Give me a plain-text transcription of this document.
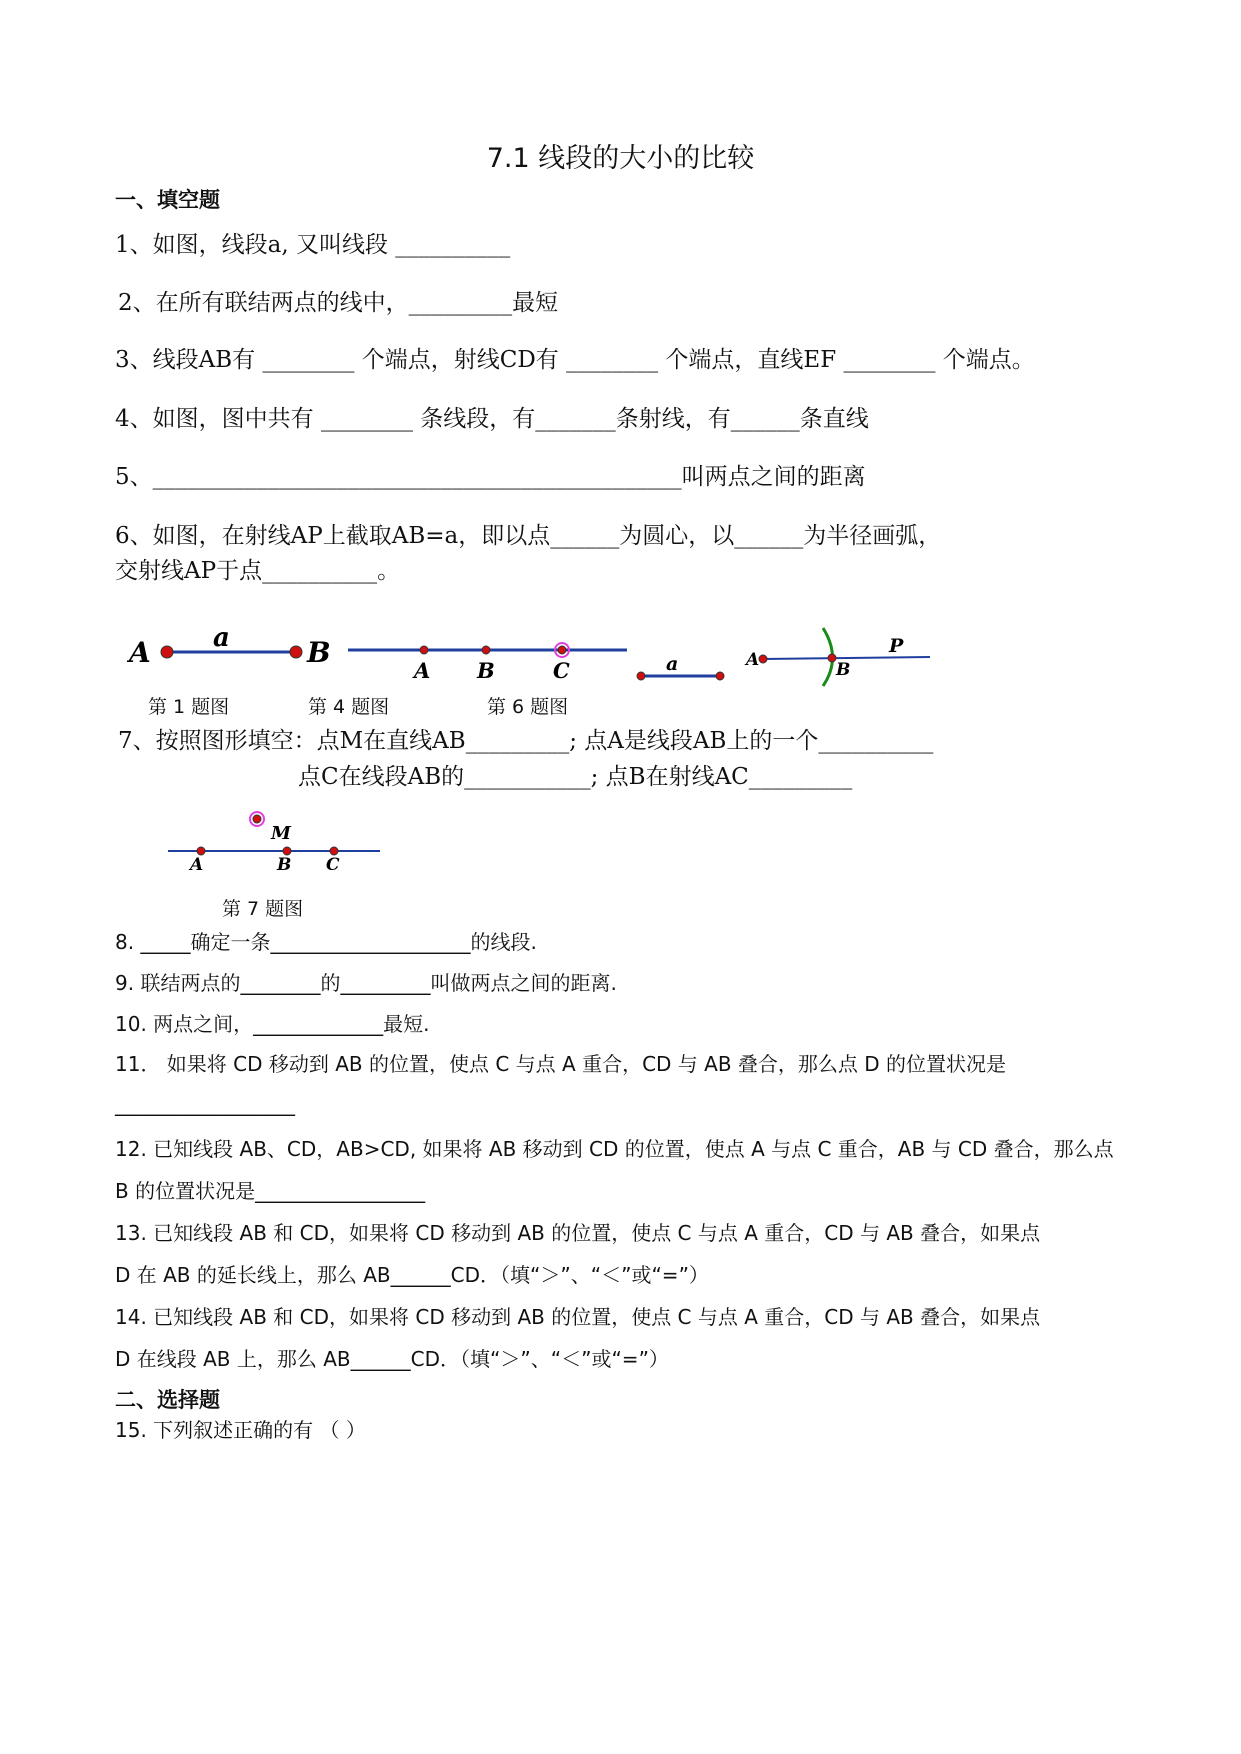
7.1 线段的大小的比较
一、填空题
1、如图，线段a, 又叫线段 __________
2、在所有联结两点的线中，_________最短
3、线段AB有 ________ 个端点，射线CD有 ________ 个端点，直线EF ________ 个端点。
4、如图，图中共有 ________ 条线段，有_______条射线，有______条直线
5、______________________________________________叫两点之间的距离
6、如图，在射线AP上截取AB=a，即以点______为圆心，以______为半径画弧，
交射线AP于点__________。
A a	B
A B	C	a	A	B
P
第 1 题图	第 4 题图	第 6 题图
7、按照图形填空：点M在直线AB_________; 点A是线段AB上的一个__________
点C在线段AB的___________; 点B在射线AC_________
M
A	B C
第 7 题图
8. _____确定一条____________________的线段.
9. 联结两点的________的_________叫做两点之间的距离.
10. 两点之间，_____________最短.
11． 如果将 CD 移动到 AB 的位置，使点 C 与点 A 重合，CD 与 AB 叠合，那么点 D 的位置状况是
__________________
12. 已知线段 AB、CD，AB>CD, 如果将 AB 移动到 CD 的位置，使点 A 与点 C 重合，AB 与 CD 叠合，那么点
B 的位置状况是_________________
13. 已知线段 AB 和 CD，如果将 CD 移动到 AB 的位置，使点 C 与点 A 重合，CD 与 AB 叠合，如果点
D 在 AB 的延长线上，那么 AB______CD．（填“＞”、“＜”或“=”）
14. 已知线段 AB 和 CD，如果将 CD 移动到 AB 的位置，使点 C 与点 A 重合，CD 与 AB 叠合，如果点
D 在线段 AB 上，那么 AB______CD．（填“＞”、“＜”或“=”）
二、选择题
15. 下列叙述正确的有 （ ）
